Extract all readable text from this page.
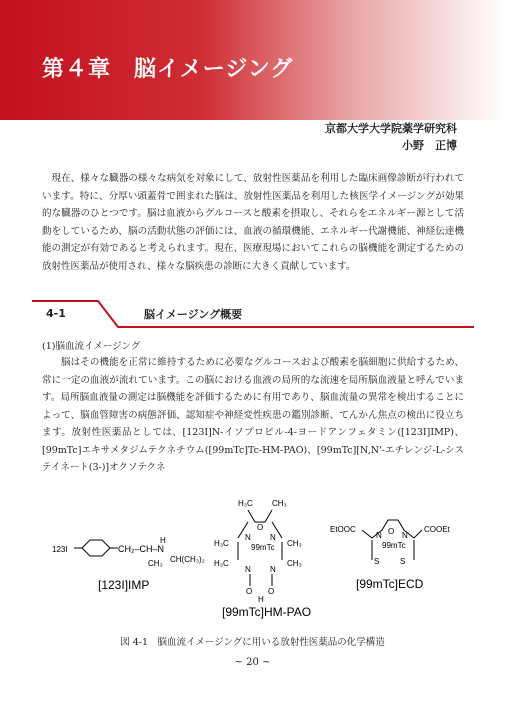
第４章　脳イメージング
京都大学大学院薬学研究科
小野　正博
現在、様々な臓器の様々な病気を対象にして、放射性医薬品を利用した臨床画像診断が行われています。特に、分厚い頭蓋骨で囲まれた脳は、放射性医薬品を利用した核医学イメージングが効果的な臓器のひとつです。脳は血液からグルコースと酸素を摂取し、それらをエネルギー源として活動をしているため、脳の活動状態の評価には、血液の循環機能、エネルギー代謝機能、神経伝達機能の測定が有効であると考えられます。現在、医療現場においてこれらの脳機能を測定するための放射性医薬品が使用され、様々な脳疾患の診断に大きく貢献しています。
4-1	脳イメージング概要
(1)脳血流イメージング
脳はその機能を正常に維持するために必要なグルコースおよび酸素を脳細胞に供給するため、常に一定の血液が流れています。この脳における血液の局所的な流速を局所脳血液量と呼んでいます。局所脳血液量の測定は脳機能を評価するために有用であり、脳血流量の異常を検出することによって、脳血管障害の病態評価、認知症や神経変性疾患の鑑別診断、てんかん焦点の検出に役立ちます。放射性医薬品としては、[123I]N-イソプロピル-4-ヨードアンフェタミン([123I]IMP)、[99mTc]エキサメタジムテクネチウム([99mTc]Tc-HM-PAO)、[99mTc][N,N'-エチレンジ-L-システイネート(3-)]オクソテクネ
123I	CH₂–CH–N
H
CH₃ CH(CH₃)₂
[123I]IMP
H₃C CH₃
N N
O
99mTc
H₃C	CH₃
H₃C	CH₃
N N
O O
H
[99mTc]HM-PAO
EtOOC	COOEt
N	N
O
99mTc
S	S
[99mTc]ECD
図 4-1　脳血流イメージングに用いる放射性医薬品の化学構造
~ 20 ~
